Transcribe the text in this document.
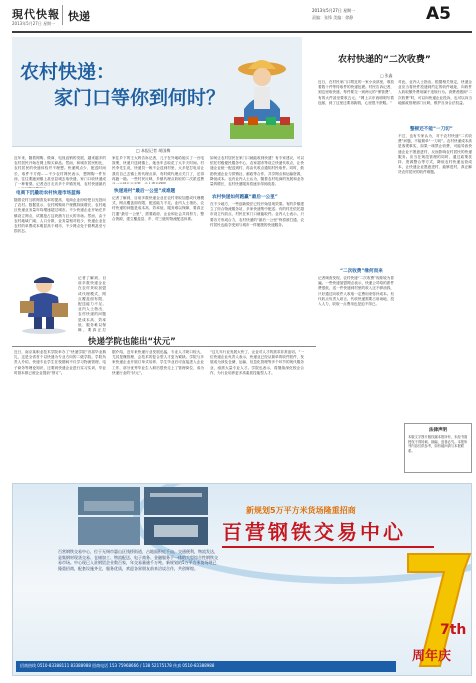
現代快報
2013年5月27日 星期一
快递	2013年5月27日 星期一
责编：张锋 美编：徐静	A5
农村快递：
家门口等你到何时？
□ 本报记者 胡国梅
近年来，随着网购、微商、电视直销的发展，越来越多的农村居民开始在网上购买商品。然而，和城市居民相比，农村居民的快递体验并不理想。快递网点少、配送时间长、取件不方便……不少农村网民表示，想网购一件东西，往往要跑到镇上甚至县城去取快递，家门口收快递成了一种奢望。记者近日走访多个乡镇发现，农村快递最后
电商下沉撬动农村快递市场蓝海
随着农村互联网普及率的提高，电商企业纷纷把目光投向了农村。数据显示，农村网购用户规模持续增长，农村地区快递业务量年均增速超过城市。不少快递企业开始在乡镇设立网点，试图抢占这块潜力巨大的市场。然而，由于农村地域广阔、人口分散、业务量相对较少，快递企业在农村的单票成本明显高于城市，不少网点处于微利甚至亏损状态。
记者了解到，目前多数快递企业在农村采取加盟或代理模式，网点覆盖面有限，配送能力不足。业内人士指出，农村快递的问题是成本高、效率低、服务难以保障，要真正打
家住乡下的王大妈告诉记者，儿子在外地给她买了一台电饭煲，快递只送到镇上，她坐车去取花了大半天时间。村民李先生说，快递员一般不会送到村里，大多是打电话让我们自己去镇上的代理点拿，有时候代理点关门了，还得再跑一趟。一些村民反映，乡镇代理点收取的二次派送费
快递进村“最后一公里”成难题
记者了解到，目前多数快递企业在农村采取加盟或代理模式，网点覆盖面有限，配送能力不足。业内人士指出，农村快递的问题是成本高、效率低、服务难以保障，要真正打通“最后一公里”，需要政府、企业和社会共同努力，整合资源，建立覆盖县、乡、村三级的物流配送体系。
如何让农村居民在家门口就能收到快递？有专家建议，可以依托村级便民服务中心、农家超市等设立快递代收点，让快递企业统一配送到村，再由代收点通知村民取件。同时，鼓励快递企业与供销社、邮政等合作，共享网点和运输资源，降低成本。也有业内人士认为，随着农村电商的发展和业务量的增长，农村快递服务将逐步得到改善。
农村快递如何跑赢“最后一公里”
在不少地方，一些创新做法已经开始显现效果。有的乡镇建立了综合物流服务站，多家快递集中配送；有的村庄依托超市设立代收点，村民在家门口就能取件。业内人士表示，只要各方形成合力，农村快递的“最后一公里”终将被打通，农村居民也能享受到与城市一样便捷的快递服务。
快递学院也能出“状元”
近日，南京某职业技术学院举办了“快递学院”首届毕业典礼，这是全省首个以快递为专业方向的二级学院。学院负责人介绍，快递专业学生在校期间不仅学习物流管理、电子商务等理论知识，还要到快递企业进行实习实训，毕业时基本都已被企业提前“预订”。
据介绍，近年来快递行业发展迅猛，专业人才缺口较大，尤其是懂管理、会技术的复合型人才更为紧缺。学院与多家快递企业开展订单式培养，学生毕业后可直接进入企业工作，部分优秀毕业生入职后很快走上了管理岗位，成为快递行业的“状元”。
“这几年行业发展太快了，企业对人才的需求非常迫切。”一位快递企业负责人表示，快递业已经从简单的收件派件，发展成为涉及仓储、运输、信息化管理等多个环节的现代服务业，亟需大量专业人才。学院也表示，将继续深化校企合作，为行业培养更多高素质技能型人才。
农村快递的“二次收费”
□ 张鑫
近日，在村民家门口附近的一家小卖部里，堆放着数十件等待取件的快递包裹。村民告诉记者，到这里取快递，每件要交一到两元的“保管费”，有的大件甚至要收五元。“网上买东西明明写着包邮，到了这里还要再掏钱，心里很不舒服。”
“二次收费”缘何而来
记者调查发现，农村快递“二次收费”现象较为普遍。一些快递加盟网点表示，快递公司给的派件费很低，送一件快递到村里的收入还不够油钱，只好通过向收件人收取一定费用来弥补成本。有代收点负责人坦言，代收快递需要占用场地、投入人力，收取一点费用也是迫不得已。
整顿还不能“一刀切”
对此，业内人士指出，根据相关规定，快递企业应当将快件投递到约定的收件地址，向收件人收取额外费用属于违规行为。消费者遇到“二次收费”时，可以向快递企业投诉，也可以向当地邮政管理部门反映，维护自身合法权益。
不过，也有专家认为，对于农村快递“二次收费”问题，不能简单“一刀切”。农村快递成本高是客观事实，如果一味禁止收费，可能导致快递企业不愿意进村，反而影响农村居民的快递服务。应当在规范管理的同时，通过政策扶持、资源整合等方式，降低农村快递运营成本，让快递企业愿意进村、能够进村，真正解决农村居民的收件难题。
法律声明
本版文字图片版权属本报所有，未经书面授权不得转载、摘编，违者必究。本报所刊内容仅供参考，如有疑问请与本报联系。
新规划5万平方米货场隆重招商
百营钢铁交易中心
百营钢铁交易中心，位于无锡市惠山区钱桥街道，占地面积近千亩，交通便利，物流发达，是集钢材现货交易、仓储加工、物流配送、电子商务、金融服务于一体的大型综合性钢铁交易市场。中心现已入驻钢贸企业数百家，年交易量逾千万吨。新规划的5万平方米货场现已隆重招商，配套设施齐全，服务优质，欢迎各界朋友前来洽谈合作，共创辉煌。
7th
周年庆
招商热线 0510-83388111 83388988 招商电话 153 75968666 / 138 52175178 传真 0510-83388988
